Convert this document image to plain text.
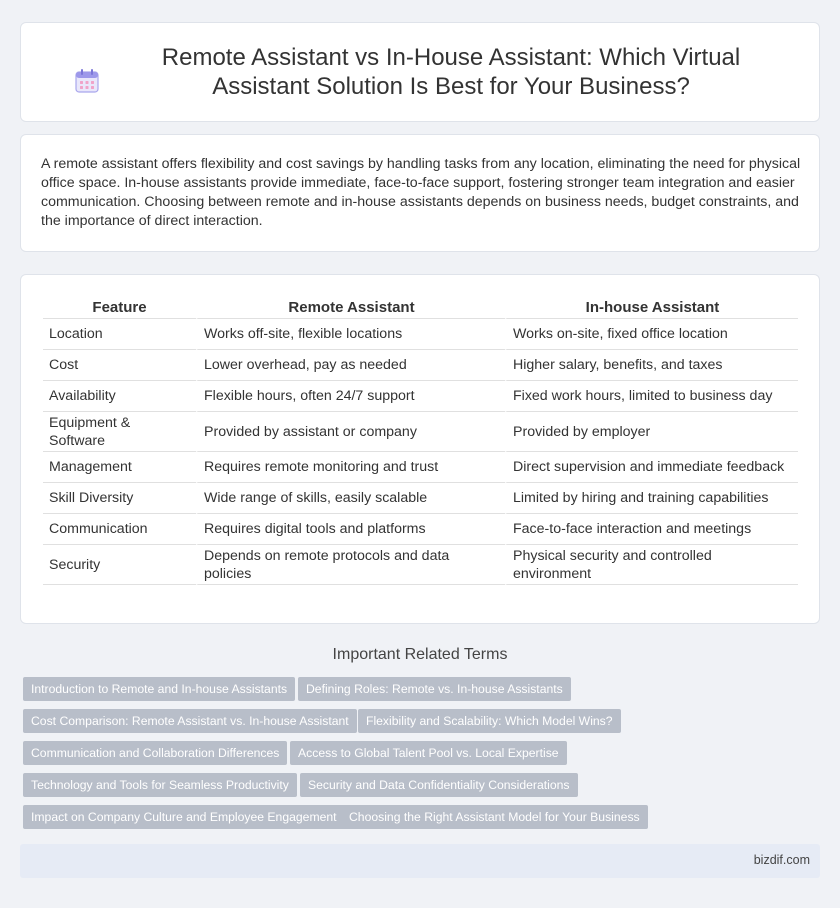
Remote Assistant vs In-House Assistant: Which Virtual Assistant Solution Is Best for Your Business?

A remote assistant offers flexibility and cost savings by handling tasks from any location, eliminating the need for physical office space. In-house assistants provide immediate, face-to-face support, fostering stronger team integration and easier communication. Choosing between remote and in-house assistants depends on business needs, budget constraints, and the importance of direct interaction.

Feature	Remote Assistant	In-house Assistant
Location	Works off-site, flexible locations	Works on-site, fixed office location
Cost	Lower overhead, pay as needed	Higher salary, benefits, and taxes
Availability	Flexible hours, often 24/7 support	Fixed work hours, limited to business day
Equipment & Software	Provided by assistant or company	Provided by employer
Management	Requires remote monitoring and trust	Direct supervision and immediate feedback
Skill Diversity	Wide range of skills, easily scalable	Limited by hiring and training capabilities
Communication	Requires digital tools and platforms	Face-to-face interaction and meetings
Security	Depends on remote protocols and data policies	Physical security and controlled environment
Important Related Terms
Introduction to Remote and In-house Assistants	Defining Roles: Remote vs. In-house Assistants
Cost Comparison: Remote Assistant vs. In-house Assistant	Flexibility and Scalability: Which Model Wins?
Communication and Collaboration Differences	Access to Global Talent Pool vs. Local Expertise
Technology and Tools for Seamless Productivity	Security and Data Confidentiality Considerations
Impact on Company Culture and Employee Engagement	Choosing the Right Assistant Model for Your Business
bizdif.com
